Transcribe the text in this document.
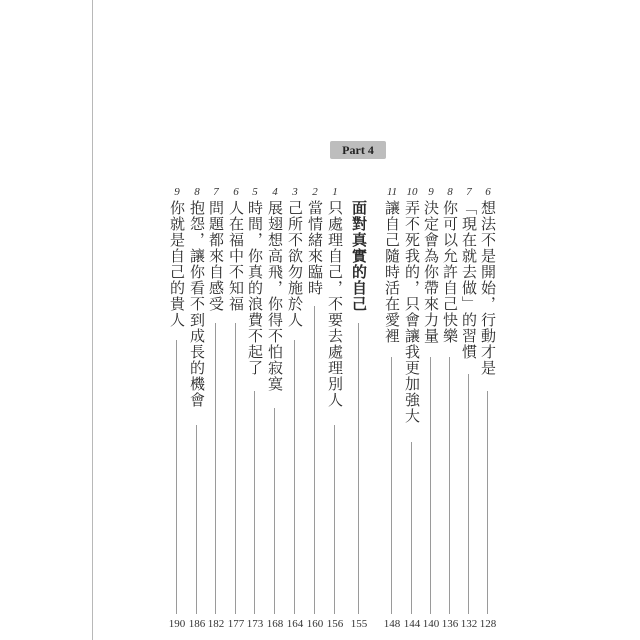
Part 4
6
想法不是開始，行動才是
128
7
「現在就去做」的習慣
132
8
你可以允許自己快樂
136
9
決定會為你帶來力量
140
10
弄不死我的，只會讓我更加強大
144
11
讓自己隨時活在愛裡
148
面對真實的自己
155
1
只處理自己，不要去處理別人
156
2
當情緒來臨時
160
3
己所不欲勿施於人
164
4
展翅想高飛，你得不怕寂寞
168
5
時間，你真的浪費不起了
173
6
人在福中不知福
177
7
問題都來自感受
182
8
抱怨，讓你看不到成長的機會
186
9
你就是自己的貴人
190
